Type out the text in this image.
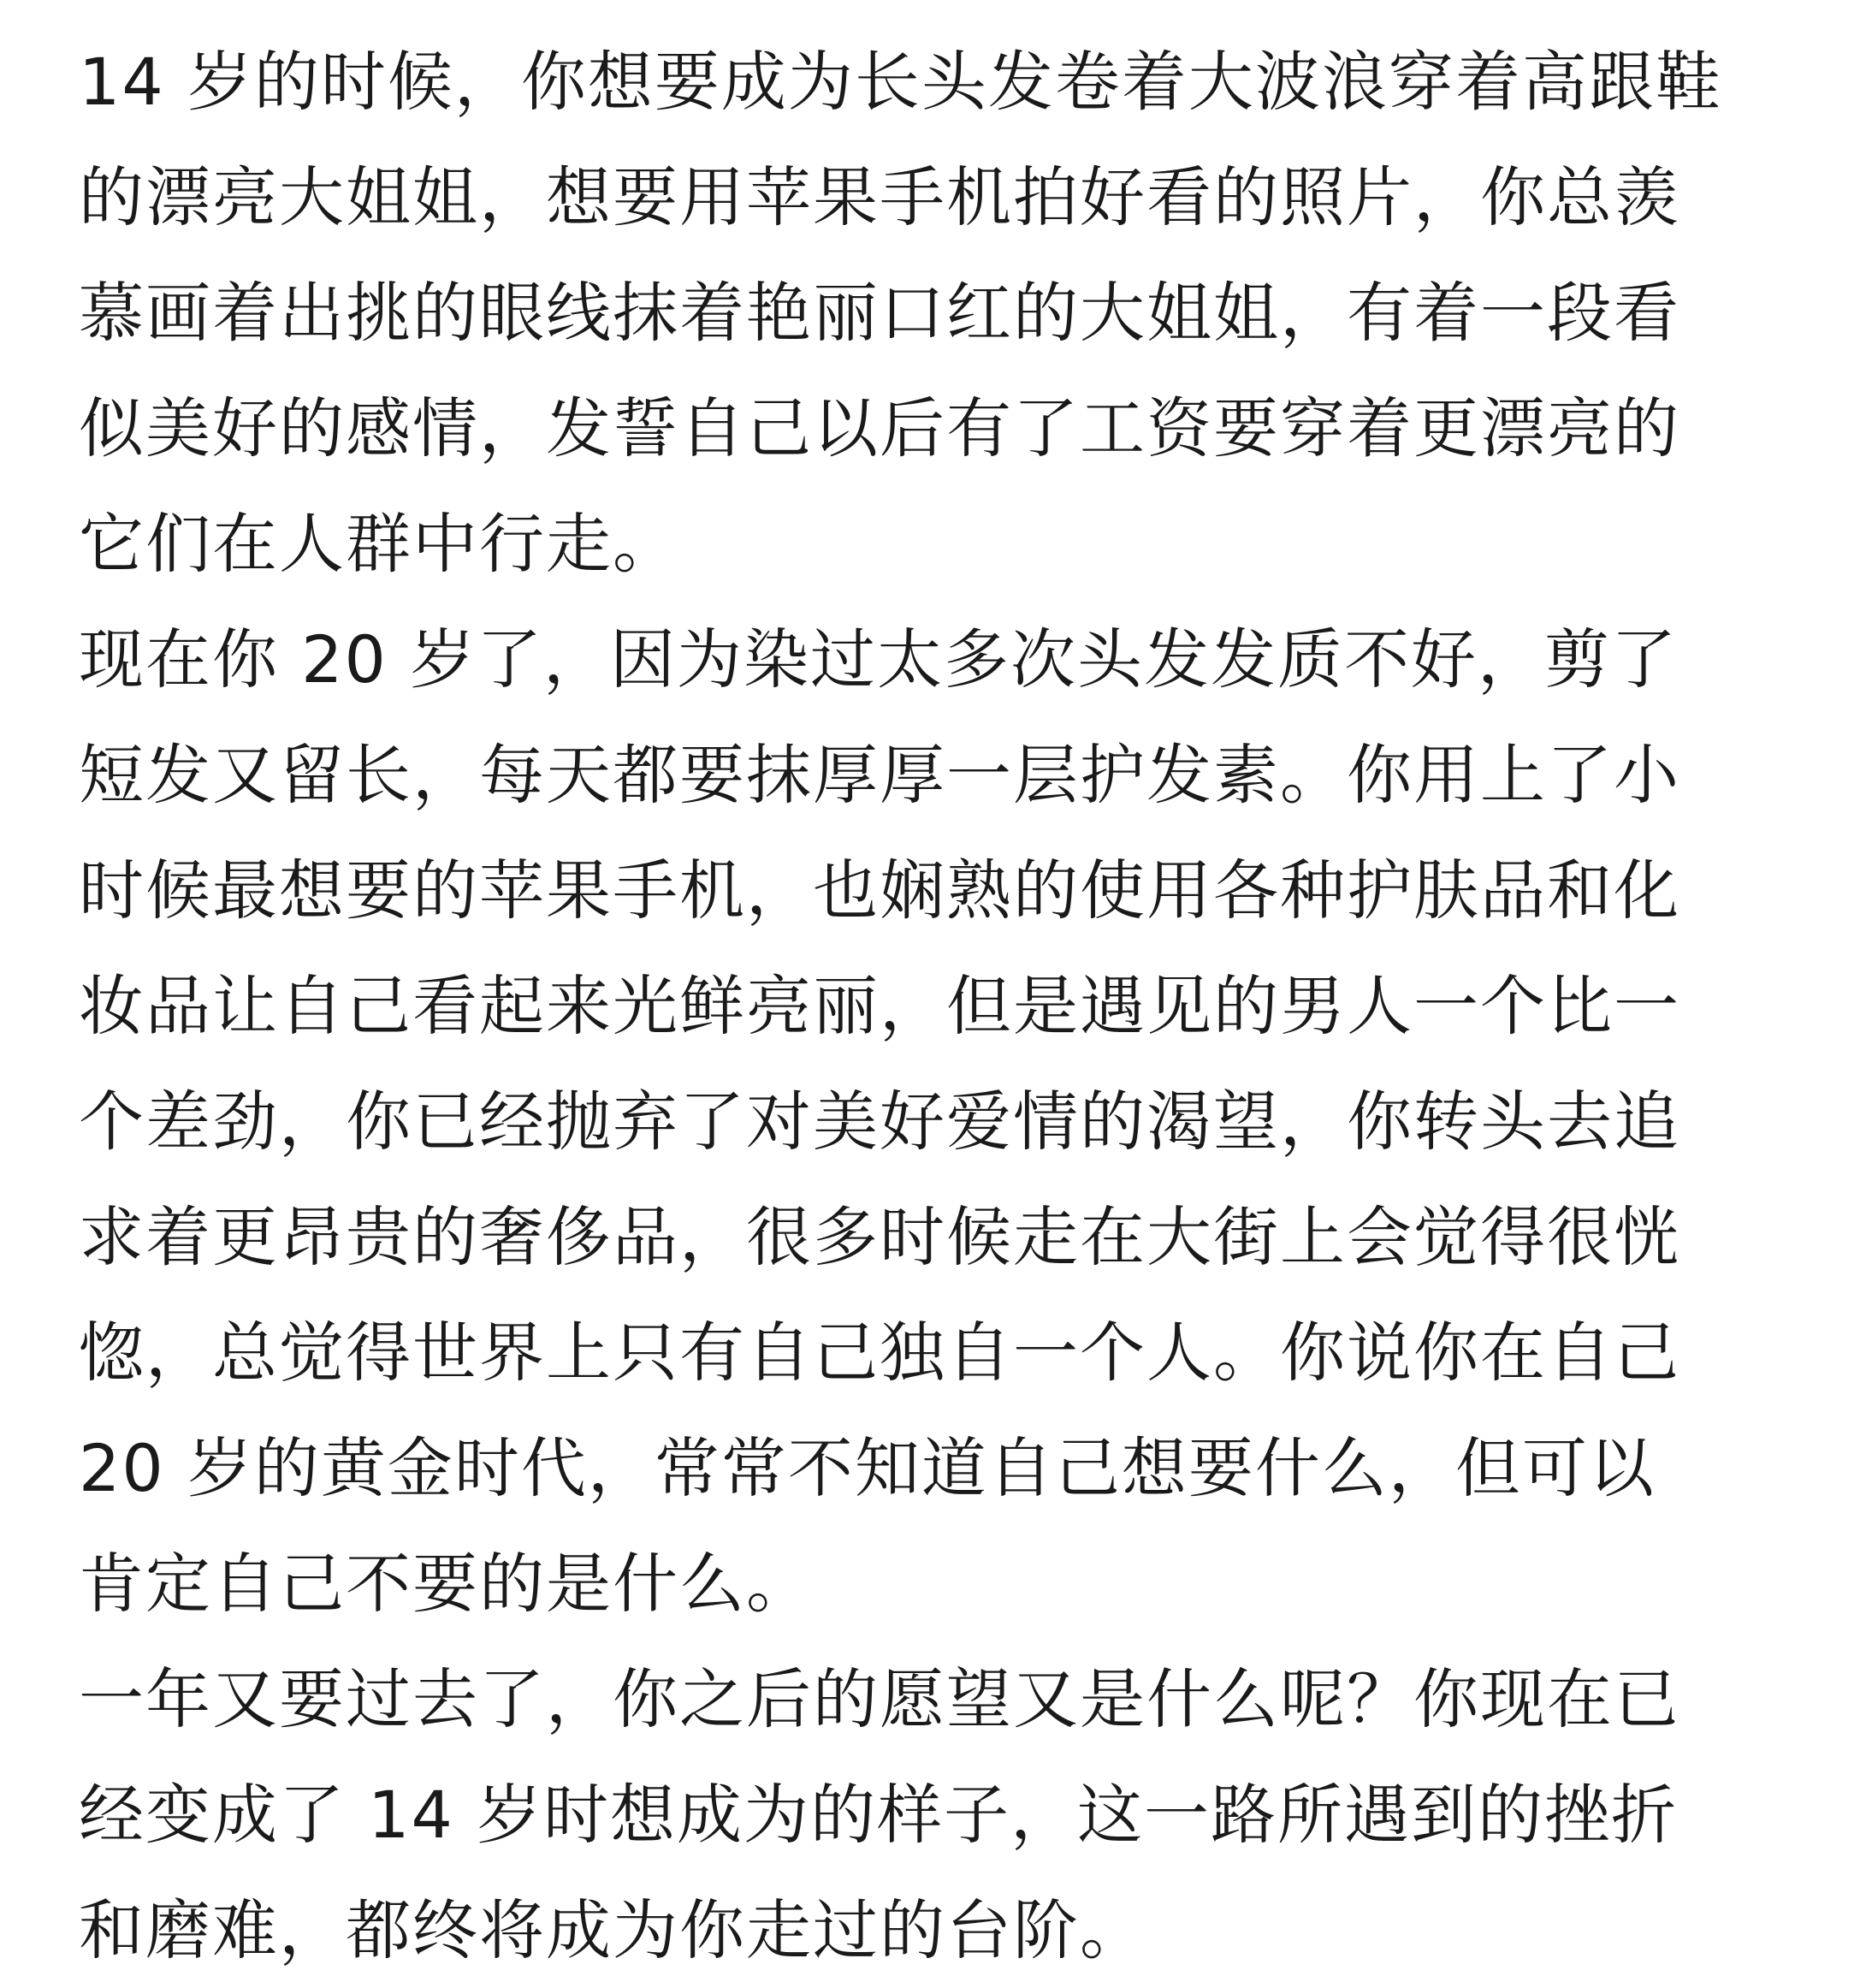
14 岁的时候，你想要成为长头发卷着大波浪穿着高跟鞋
的漂亮大姐姐，想要用苹果手机拍好看的照片，你总羡
慕画着出挑的眼线抹着艳丽口红的大姐姐，有着一段看
似美好的感情，发誓自己以后有了工资要穿着更漂亮的
它们在人群中行走。
现在你 20 岁了，因为染过太多次头发发质不好，剪了
短发又留长，每天都要抹厚厚一层护发素。你用上了小
时候最想要的苹果手机，也娴熟的使用各种护肤品和化
妆品让自己看起来光鲜亮丽，但是遇见的男人一个比一
个差劲，你已经抛弃了对美好爱情的渴望，你转头去追
求着更昂贵的奢侈品，很多时候走在大街上会觉得很恍
惚，总觉得世界上只有自己独自一个人。你说你在自己
20 岁的黄金时代，常常不知道自己想要什么，但可以
肯定自己不要的是什么。
一年又要过去了，你之后的愿望又是什么呢？你现在已
经变成了 14 岁时想成为的样子，这一路所遇到的挫折
和磨难，都终将成为你走过的台阶。
